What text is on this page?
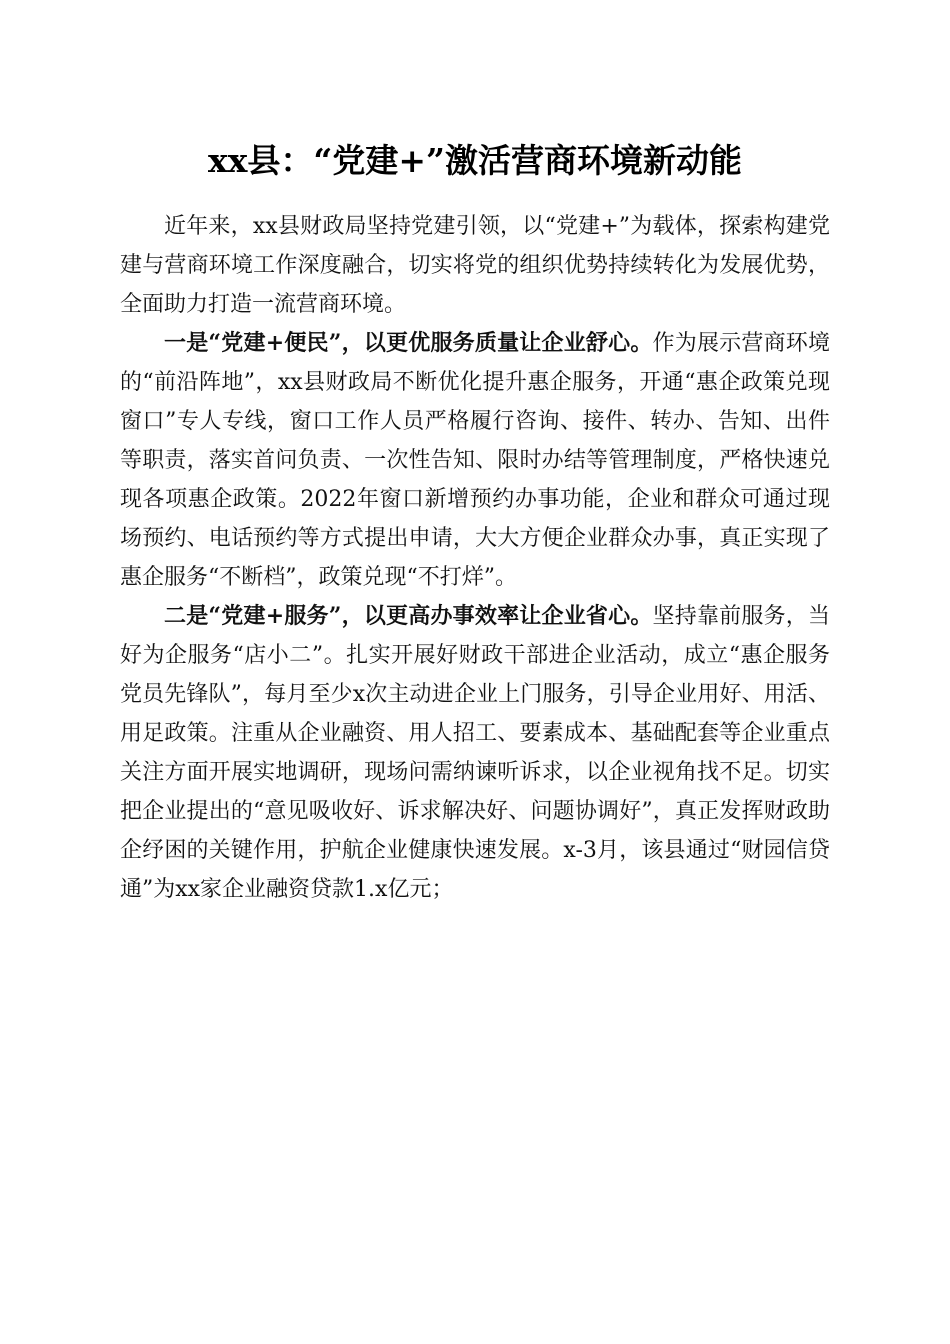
xx县：“党建+”激活营商环境新动能

近年来，xx县财政局坚持党建引领，以“党建+”为载体，探索构建党建与营商环境工作深度融合，切实将党的组织优势持续转化为发展优势，全面助力打造一流营商环境。

一是“党建+便民”，以更优服务质量让企业舒心。作为展示营商环境的“前沿阵地”，xx县财政局不断优化提升惠企服务，开通“惠企政策兑现窗口”专人专线，窗口工作人员严格履行咨询、接件、转办、告知、出件等职责，落实首问负责、一次性告知、限时办结等管理制度，严格快速兑现各项惠企政策。2022年窗口新增预约办事功能，企业和群众可通过现场预约、电话预约等方式提出申请，大大方便企业群众办事，真正实现了惠企服务“不断档”，政策兑现“不打烊”。

二是“党建+服务”，以更高办事效率让企业省心。坚持靠前服务，当好为企服务“店小二”。扎实开展好财政干部进企业活动，成立“惠企服务党员先锋队”，每月至少x次主动进企业上门服务，引导企业用好、用活、用足政策。注重从企业融资、用人招工、要素成本、基础配套等企业重点关注方面开展实地调研，现场问需纳谏听诉求，以企业视角找不足。切实把企业提出的“意见吸收好、诉求解决好、问题协调好”，真正发挥财政助企纾困的关键作用，护航企业健康快速发展。x-3月，该县通过“财园信贷通”为xx家企业融资贷款1.x亿元；
